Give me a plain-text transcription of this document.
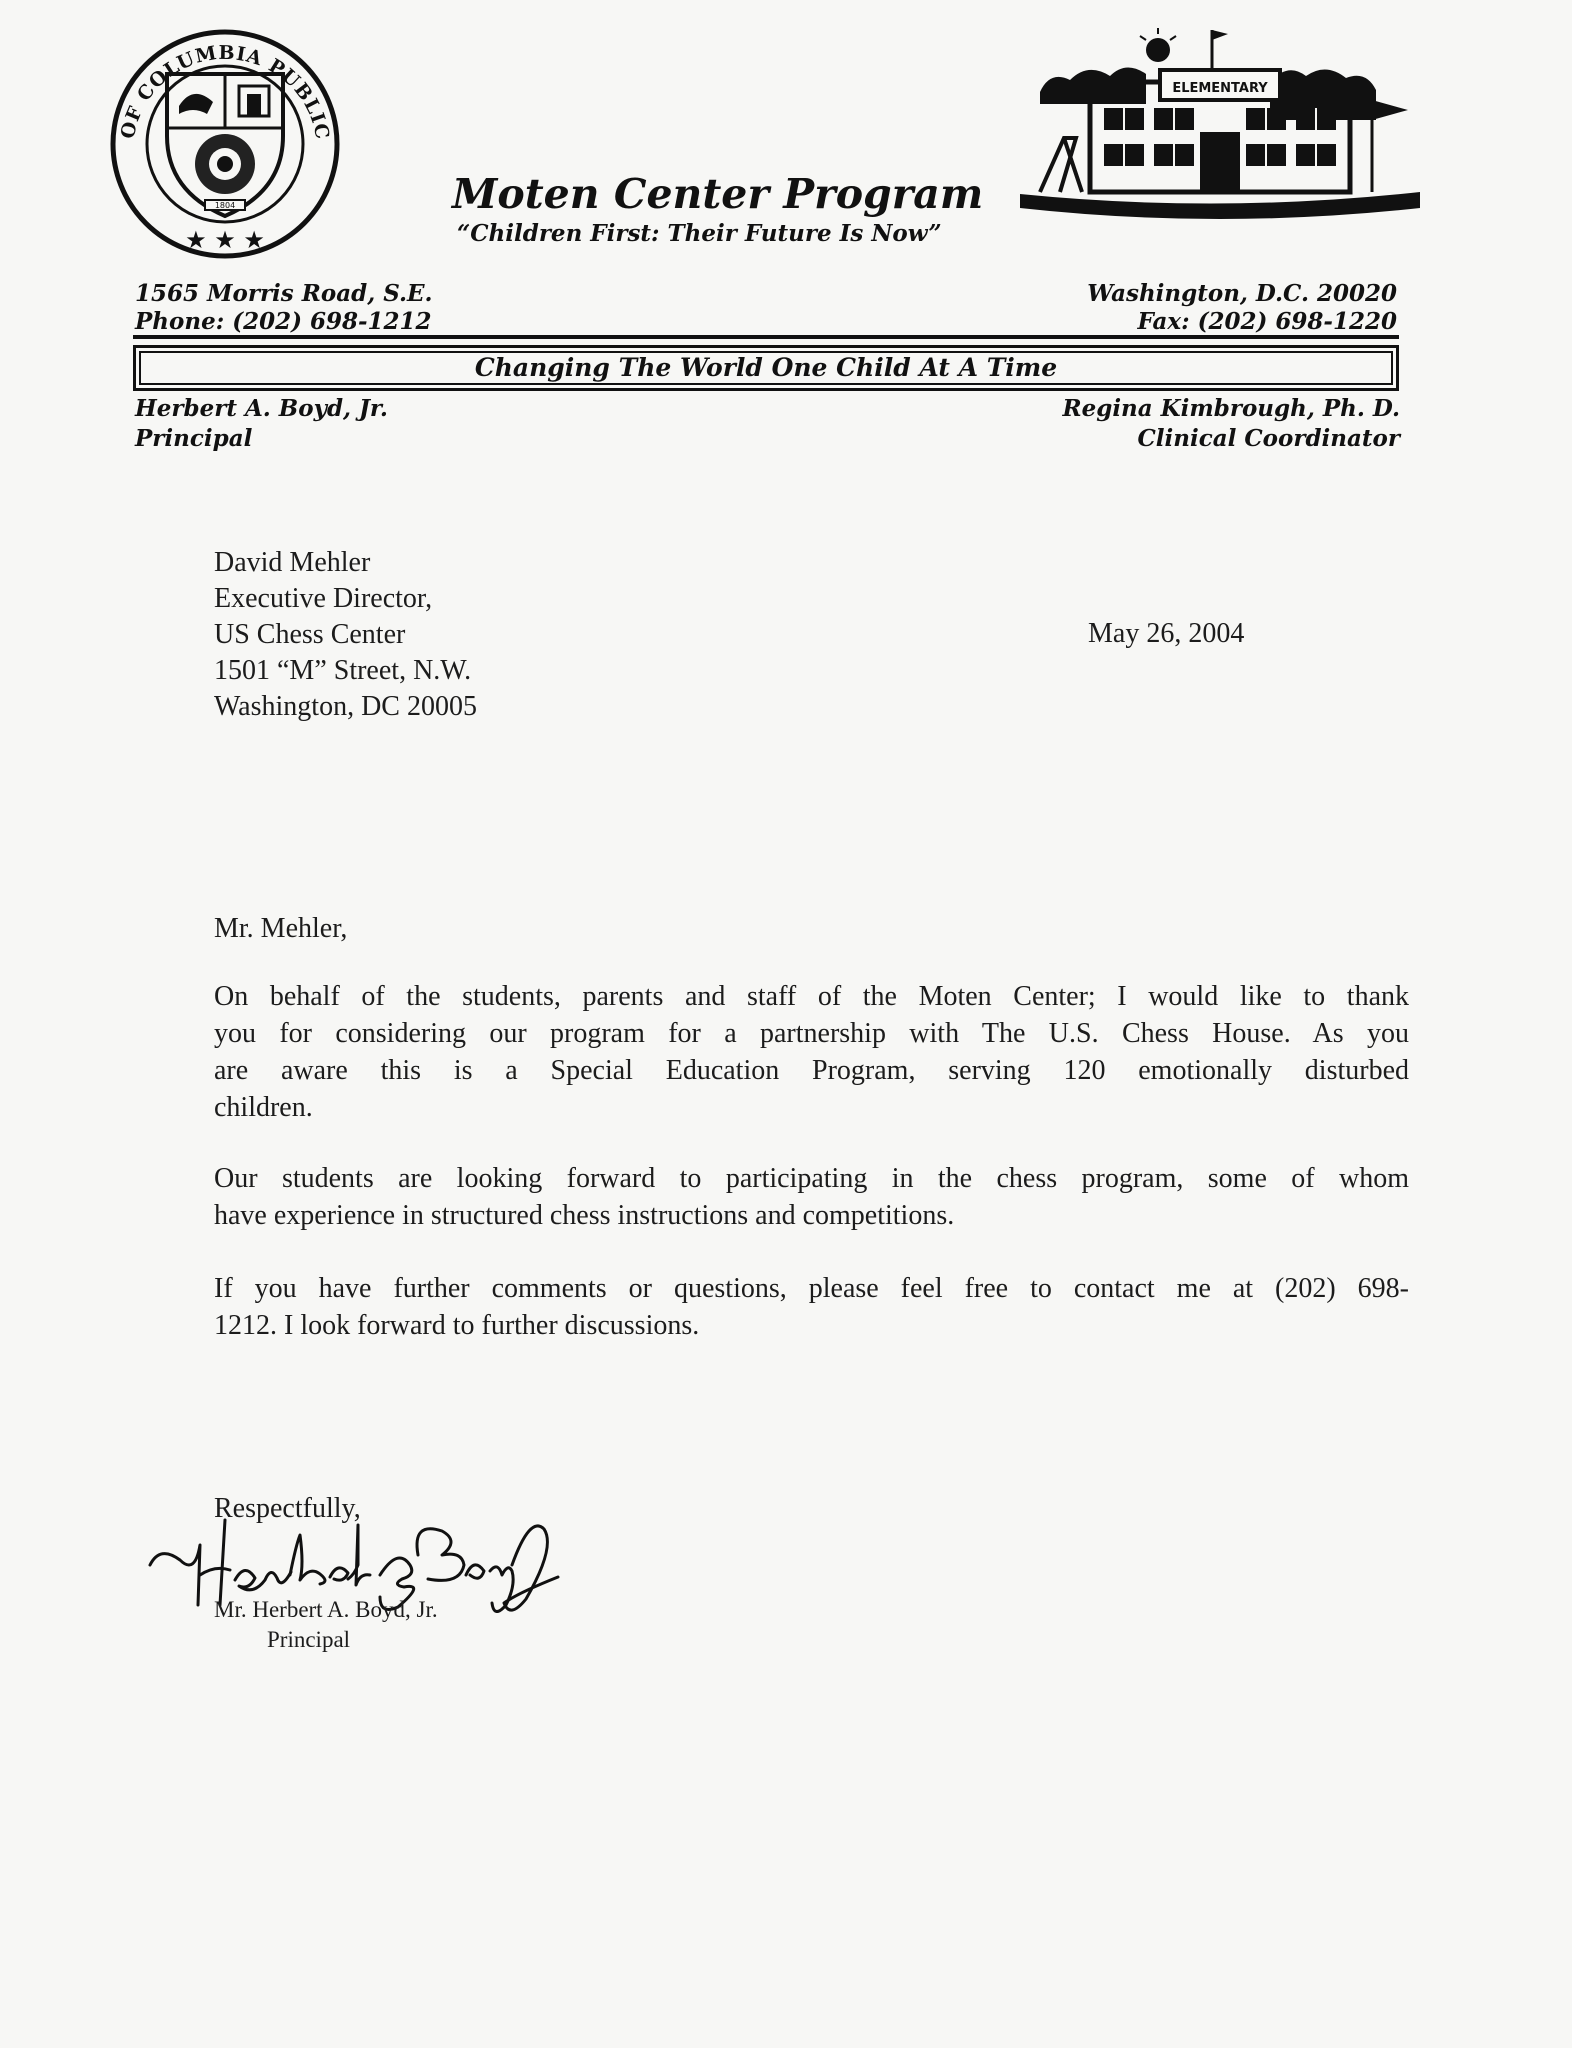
OF COLUMBIA PUBLIC
1804
★ ★ ★
ELEMENTARY
Moten Center Program
“Children First: Their Future Is Now”
1565 Morris Road, S.E.
Phone: (202) 698-1212
Washington, D.C. 20020
Fax: (202) 698-1220
Changing The World One Child At A Time
Herbert A. Boyd, Jr.
Principal
Regina Kimbrough, Ph. D.
Clinical Coordinator
David Mehler
Executive Director,
US Chess Center
1501 “M” Street, N.W.
Washington, DC 20005
May 26, 2004
Mr. Mehler,
On behalf of the students, parents and staff of the Moten Center; I would like to thank
you for considering our program for a partnership with The U.S. Chess House. As you
are aware this is a Special Education Program, serving 120 emotionally disturbed
children.
Our students are looking forward to participating in the chess program, some of whom
have experience in structured chess instructions and competitions.
If you have further comments or questions, please feel free to contact me at (202) 698-
1212. I look forward to further discussions.
Respectfully,
Mr. Herbert A. Boyd, Jr.
Principal
